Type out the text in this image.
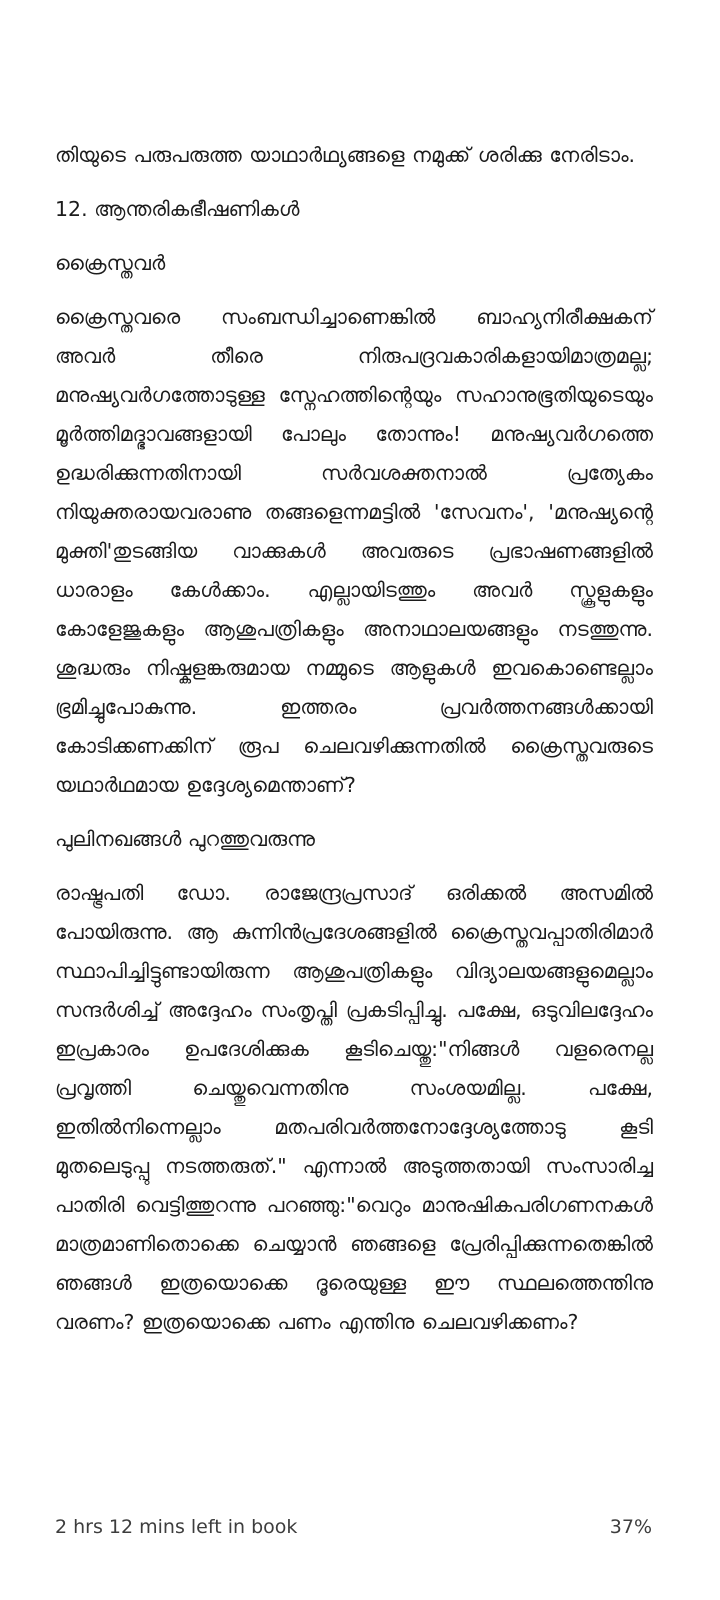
തിയുടെ പരുപരുത്ത യാഥാര്‍ഥ്യങ്ങളെ നമുക്ക് ശരിക്കു നേരിടാം.

12. ആന്തരികഭീഷണികള്‍

ക്രൈസ്തവര്‍

ക്രൈസ്തവരെ സംബന്ധിച്ചാണെങ്കില്‍ ബാഹ്യനിരീക്ഷകന് അവര്‍ തീരെ നിരുപദ്രവകാരികളായിമാത്രമല്ല; മനുഷ്യവര്‍ഗത്തോടുള്ള സ്നേഹത്തിന്റെയും സഹാനുഭൂതിയുടെയും മൂര്‍ത്തിമദ്ഭാവങ്ങളായി പോലും തോന്നും! മനുഷ്യവര്‍ഗത്തെ ഉദ്ധരിക്കുന്നതിനായി സര്‍വശക്തനാല്‍ പ്രത്യേകം നിയുക്തരായവരാണു തങ്ങളെന്നമട്ടില്‍ 'സേവനം', 'മനുഷ്യന്റെ മുക്തി'തുടങ്ങിയ വാക്കുകള്‍ അവരുടെ പ്രഭാഷണങ്ങളില്‍ ധാരാളം കേള്‍ക്കാം. എല്ലായിടത്തും അവര്‍ സ്കൂളുകളും കോളേജുകളും ആശുപത്രികളും അനാഥാലയങ്ങളും നടത്തുന്നു. ശുദ്ധരും നിഷ്കളങ്കരുമായ നമ്മുടെ ആളുകള്‍ ഇവകൊണ്ടെല്ലാം ഭ്രമിച്ചുപോകുന്നു. ഇത്തരം പ്രവര്‍ത്തനങ്ങള്‍ക്കായി കോടിക്കണക്കിന് രൂപ ചെലവഴിക്കുന്നതില്‍ ക്രൈസ്തവരുടെ യഥാര്‍ഥമായ ഉദ്ദേശ്യമെന്താണ്?

പുലിനഖങ്ങള്‍ പുറത്തുവരുന്നു

രാഷ്ട്രപതി ഡോ. രാജേന്ദ്രപ്രസാദ് ഒരിക്കല്‍ അസമില്‍ പോയിരുന്നു. ആ കുന്നിന്‍പ്രദേശങ്ങളില്‍ ക്രൈസ്തവപ്പാതിരിമാര്‍ സ്ഥാപിച്ചിട്ടുണ്ടായിരുന്ന ആശുപത്രികളും വിദ്യാലയങ്ങളുമെല്ലാം സന്ദര്‍ശിച്ച് അദ്ദേഹം സംതൃപ്തി പ്രകടിപ്പിച്ചു. പക്ഷേ, ഒടുവിലദ്ദേഹം ഇപ്രകാരം ഉപദേശിക്കുക കൂടിചെയ്തു:"നിങ്ങള്‍ വളരെനല്ല പ്രവൃത്തി ചെയ്തുവെന്നതിനു സംശയമില്ല. പക്ഷേ, ഇതില്‍നിന്നെല്ലാം മതപരിവര്‍ത്തനോദ്ദേശ്യത്തോടു കൂടി മുതലെടുപ്പു നടത്തരുത്." എന്നാല്‍ അടുത്തതായി സംസാരിച്ച പാതിരി വെട്ടിത്തുറന്നു പറഞ്ഞു:"വെറും മാനുഷികപരിഗണനകള്‍ മാത്രമാണിതൊക്കെ ചെയ്യാന്‍ ഞങ്ങളെ പ്രേരിപ്പിക്കുന്നതെങ്കില്‍ ഞങ്ങള്‍ ഇത്രയൊക്കെ ദൂരെയുള്ള ഈ സ്ഥലത്തെന്തിനു വരണം? ഇത്രയൊക്കെ പണം എന്തിനു ചെലവഴിക്കണം?

2 hrs 12 mins left in book	37%
